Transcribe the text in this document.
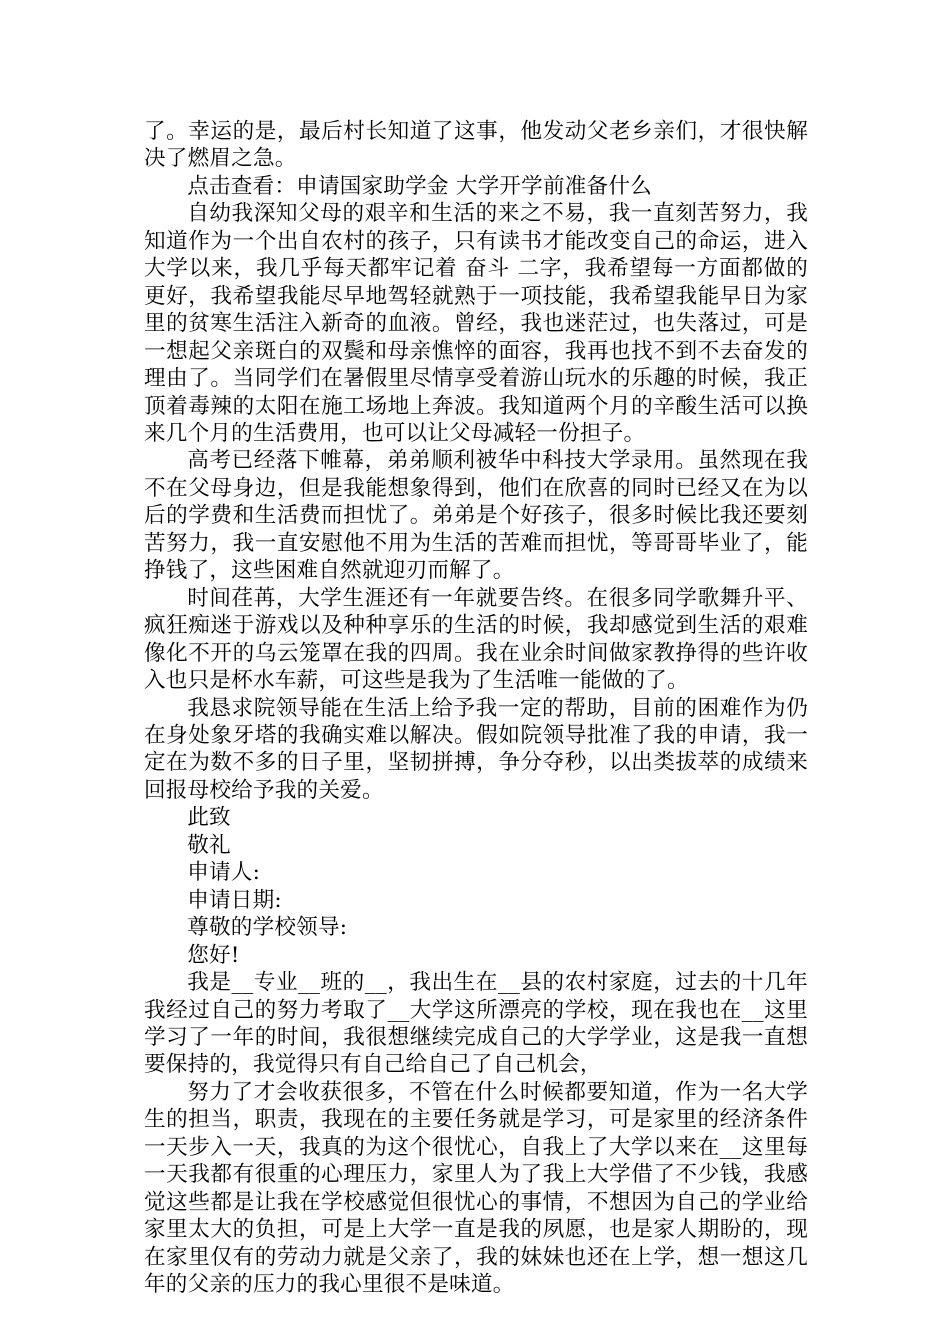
了。幸运的是，最后村长知道了这事，他发动父老乡亲们，才很快解决了燃眉之急。

点击查看：申请国家助学金 大学开学前准备什么

自幼我深知父母的艰辛和生活的来之不易，我一直刻苦努力，我知道作为一个出自农村的孩子，只有读书才能改变自己的命运，进入大学以来，我几乎每天都牢记着 奋斗 二字，我希望每一方面都做的更好，我希望我能尽早地驾轻就熟于一项技能，我希望我能早日为家里的贫寒生活注入新奇的血液。曾经，我也迷茫过，也失落过，可是一想起父亲斑白的双鬓和母亲憔悴的面容，我再也找不到不去奋发的理由了。当同学们在暑假里尽情享受着游山玩水的乐趣的时候，我正顶着毒辣的太阳在施工场地上奔波。我知道两个月的辛酸生活可以换来几个月的生活费用，也可以让父母减轻一份担子。

高考已经落下帷幕，弟弟顺利被华中科技大学录用。虽然现在我不在父母身边，但是我能想象得到，他们在欣喜的同时已经又在为以后的学费和生活费而担忧了。弟弟是个好孩子，很多时候比我还要刻苦努力，我一直安慰他不用为生活的苦难而担忧，等哥哥毕业了，能挣钱了，这些困难自然就迎刃而解了。

时间荏苒，大学生涯还有一年就要告终。在很多同学歌舞升平、疯狂痴迷于游戏以及种种享乐的生活的时候，我却感觉到生活的艰难像化不开的乌云笼罩在我的四周。我在业余时间做家教挣得的些许收入也只是杯水车薪，可这些是我为了生活唯一能做的了。

我恳求院领导能在生活上给予我一定的帮助，目前的困难作为仍在身处象牙塔的我确实难以解决。假如院领导批准了我的申请，我一定在为数不多的日子里，坚韧拼搏，争分夺秒，以出类拔萃的成绩来回报母校给予我的关爱。

此致

敬礼

申请人:

申请日期:

尊敬的学校领导:

您好!

我是__专业__班的__，我出生在__县的农村家庭，过去的十几年我经过自己的努力考取了__大学这所漂亮的学校，现在我也在__这里学习了一年的时间，我很想继续完成自己的大学学业，这是我一直想要保持的，我觉得只有自己给自己了自己机会，

努力了才会收获很多，不管在什么时候都要知道，作为一名大学生的担当，职责，我现在的主要任务就是学习，可是家里的经济条件一天步入一天，我真的为这个很忧心，自我上了大学以来在__这里每一天我都有很重的心理压力，家里人为了我上大学借了不少钱，我感觉这些都是让我在学校感觉但很忧心的事情，不想因为自己的学业给家里太大的负担，可是上大学一直是我的夙愿，也是家人期盼的，现在家里仅有的劳动力就是父亲了，我的妹妹也还在上学，想一想这几年的父亲的压力的我心里很不是味道。
